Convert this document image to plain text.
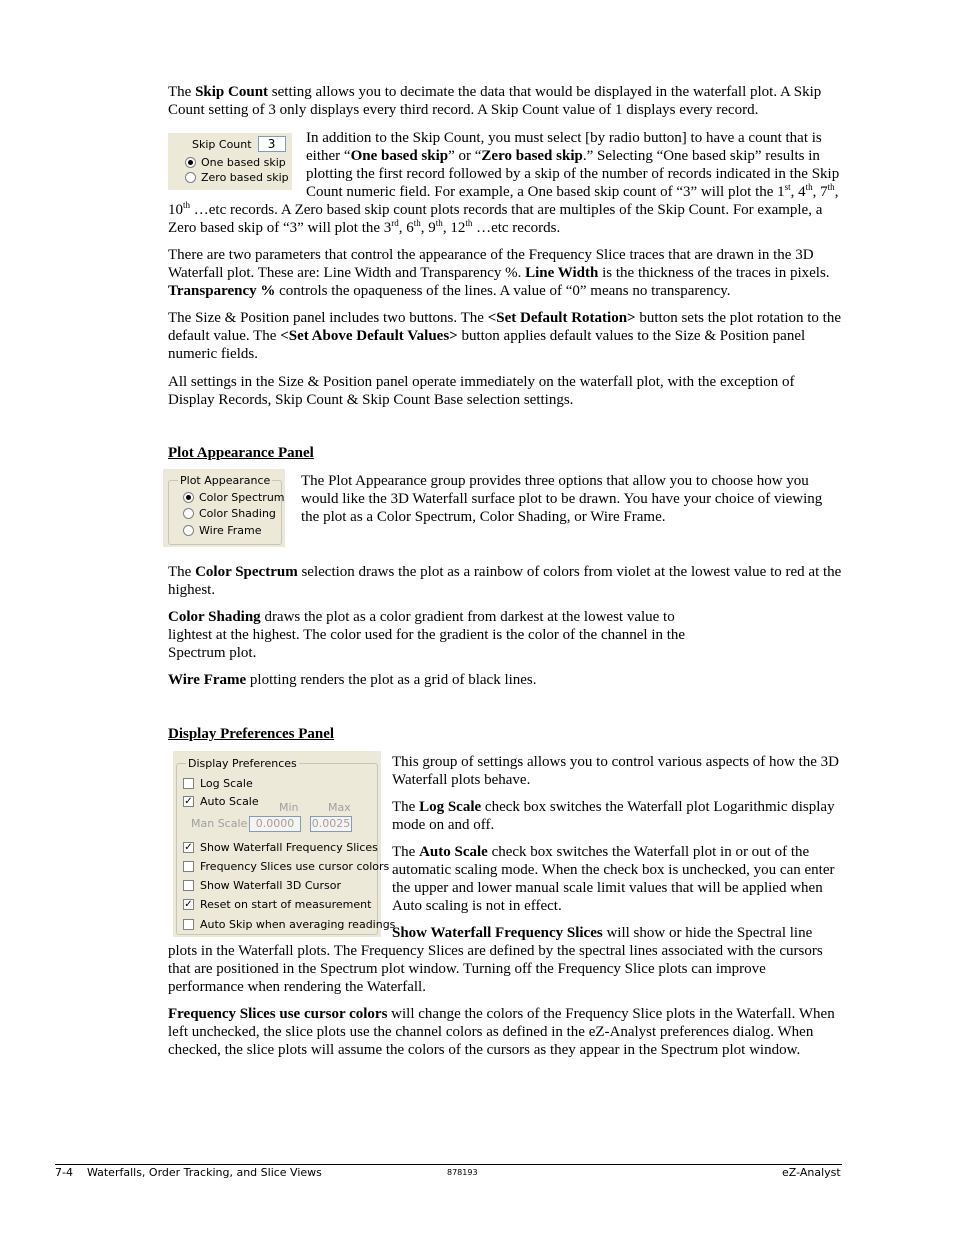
The Skip Count setting allows you to decimate the data that would be displayed in the waterfall plot. A Skip Count setting of 3 only displays every third record. A Skip Count value of 1 displays every record.

Skip Count	3
One based skip
Zero based skip

In addition to the Skip Count, you must select [by radio button] to have a count that is either “One based skip” or “Zero based skip.” Selecting “One based skip” results in plotting the first record followed by a skip of the number of records indicated in the Skip Count numeric field. For example, a One based skip count of “3” will plot the 1st, 4th, 7th, 10th …etc records. A Zero based skip count plots records that are multiples of the Skip Count. For example, a Zero based skip of “3” will plot the 3rd, 6th, 9th, 12th …etc records.

There are two parameters that control the appearance of the Frequency Slice traces that are drawn in the 3D Waterfall plot. These are: Line Width and Transparency %. Line Width is the thickness of the traces in pixels. Transparency % controls the opaqueness of the lines. A value of “0” means no transparency.

The Size & Position panel includes two buttons. The <Set Default Rotation> button sets the plot rotation to the default value. The <Set Above Default Values> button applies default values to the Size & Position panel numeric fields.

All settings in the Size & Position panel operate immediately on the waterfall plot, with the exception of Display Records, Skip Count & Skip Count Base selection settings.

Plot Appearance Panel
Plot Appearance
Color Spectrum
Color Shading
Wire Frame

The Plot Appearance group provides three options that allow you to choose how you would like the 3D Waterfall surface plot to be drawn. You have your choice of viewing the plot as a Color Spectrum, Color Shading, or Wire Frame.

The Color Spectrum selection draws the plot as a rainbow of colors from violet at the lowest value to red at the highest.

Color Shading draws the plot as a color gradient from darkest at the lowest value to lightest at the highest. The color used for the gradient is the color of the channel in the Spectrum plot.

Wire Frame plotting renders the plot as a grid of black lines.

Display Preferences Panel
Display Preferences
Log Scale
✓ Auto Scale Min	Max
Man Scale 0.0000	0.0025
✓ Show Waterfall Frequency Slices
Frequency Slices use cursor colors
Show Waterfall 3D Cursor
✓ Reset on start of measurement
Auto Skip when averaging readings

This group of settings allows you to control various aspects of how the 3D Waterfall plots behave.

The Log Scale check box switches the Waterfall plot Logarithmic display mode on and off.

The Auto Scale check box switches the Waterfall plot in or out of the automatic scaling mode. When the check box is unchecked, you can enter the upper and lower manual scale limit values that will be applied when Auto scaling is not in effect.

Show Waterfall Frequency Slices will show or hide the Spectral line plots in the Waterfall plots. The Frequency Slices are defined by the spectral lines associated with the cursors that are positioned in the Spectrum plot window. Turning off the Frequency Slice plots can improve performance when rendering the Waterfall.

Frequency Slices use cursor colors will change the colors of the Frequency Slice plots in the Waterfall. When left unchecked, the slice plots use the channel colors as defined in the eZ-Analyst preferences dialog. When checked, the slice plots will assume the colors of the cursors as they appear in the Spectrum plot window.

7-4    Waterfalls, Order Tracking, and Slice Views	878193	eZ-Analyst
